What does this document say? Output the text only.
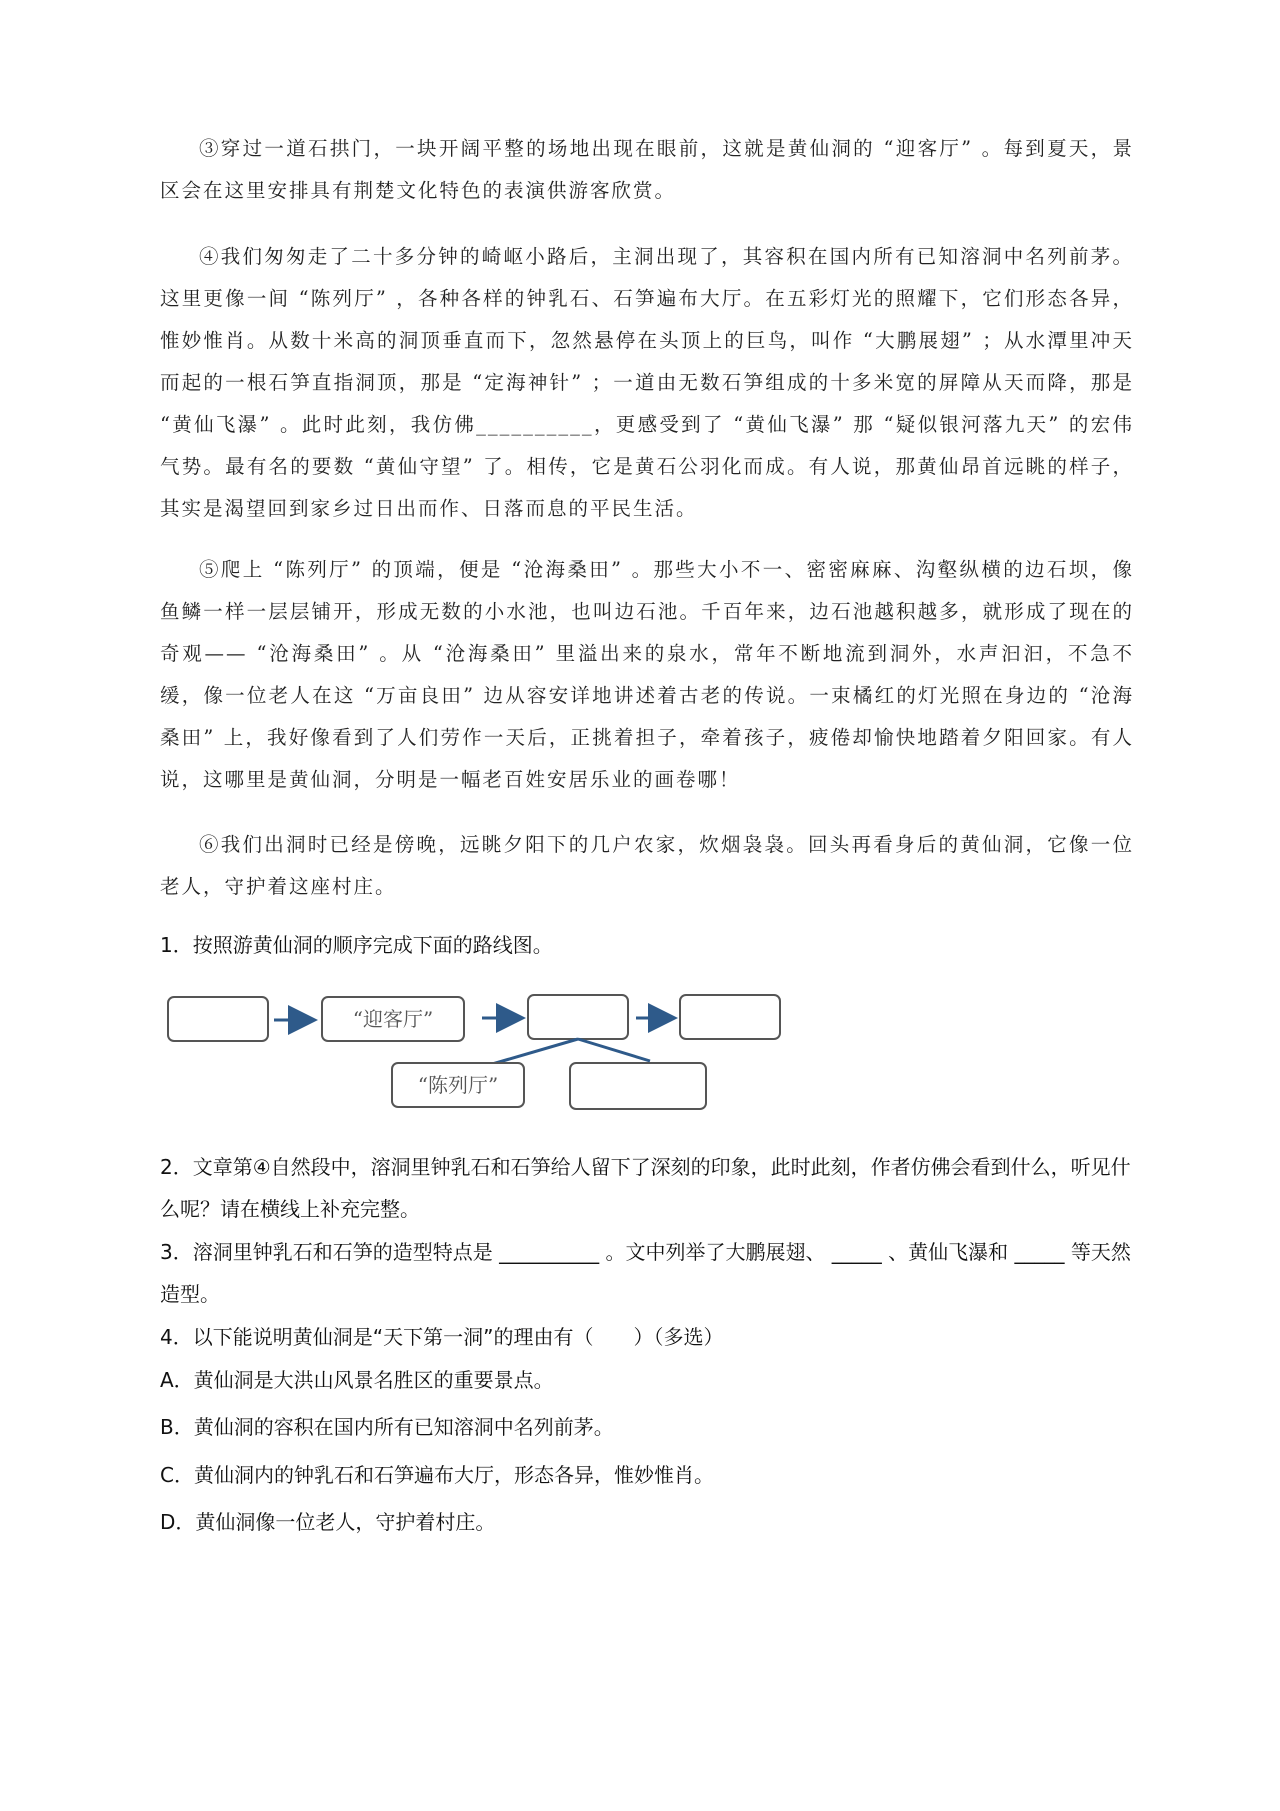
③穿过一道石拱门，一块开阔平整的场地出现在眼前，这就是黄仙洞的 “迎客厅” 。每到夏天，景区会在这里安排具有荆楚文化特色的表演供游客欣赏。

④我们匆匆走了二十多分钟的崎岖小路后，主洞出现了，其容积在国内所有已知溶洞中名列前茅。这里更像一间 “陈列厅” ，各种各样的钟乳石、石笋遍布大厅。在五彩灯光的照耀下，它们形态各异，惟妙惟肖。从数十米高的洞顶垂直而下，忽然悬停在头顶上的巨鸟，叫作 “大鹏展翅” ；从水潭里冲天而起的一根石笋直指洞顶，那是 “定海神针” ；一道由无数石笋组成的十多米宽的屏障从天而降，那是 “黄仙飞瀑” 。此时此刻，我仿佛__________，更感受到了 “黄仙飞瀑” 那 “疑似银河落九天” 的宏伟气势。最有名的要数 “黄仙守望” 了。相传，它是黄石公羽化而成。有人说，那黄仙昂首远眺的样子，其实是渴望回到家乡过日出而作、日落而息的平民生活。

⑤爬上 “陈列厅” 的顶端，便是 “沧海桑田” 。那些大小不一、密密麻麻、沟壑纵横的边石坝，像鱼鳞一样一层层铺开，形成无数的小水池，也叫边石池。千百年来，边石池越积越多，就形成了现在的奇观—— “沧海桑田” 。从 “沧海桑田” 里溢出来的泉水，常年不断地流到洞外，水声汩汩，不急不缓，像一位老人在这 “万亩良田” 边从容安详地讲述着古老的传说。一束橘红的灯光照在身边的 “沧海桑田” 上，我好像看到了人们劳作一天后，正挑着担子，牵着孩子，疲倦却愉快地踏着夕阳回家。有人说，这哪里是黄仙洞，分明是一幅老百姓安居乐业的画卷哪！

⑥我们出洞时已经是傍晚，远眺夕阳下的几户农家，炊烟袅袅。回头再看身后的黄仙洞，它像一位老人，守护着这座村庄。

1．按照游黄仙洞的顺序完成下面的路线图。

“迎客厅”
“陈列厅”

2．文章第④自然段中，溶洞里钟乳石和石笋给人留下了深刻的印象，此时此刻，作者仿佛会看到什么，听见什么呢？请在横线上补充完整。

3．溶洞里钟乳石和石笋的造型特点是 __________ 。文中列举了大鹏展翅、 _____ 、黄仙飞瀑和 _____ 等天然造型。

4．以下能说明黄仙洞是“天下第一洞”的理由有（　　）（多选）

A．黄仙洞是大洪山风景名胜区的重要景点。

B．黄仙洞的容积在国内所有已知溶洞中名列前茅。

C．黄仙洞内的钟乳石和石笋遍布大厅，形态各异，惟妙惟肖。

D．黄仙洞像一位老人，守护着村庄。
